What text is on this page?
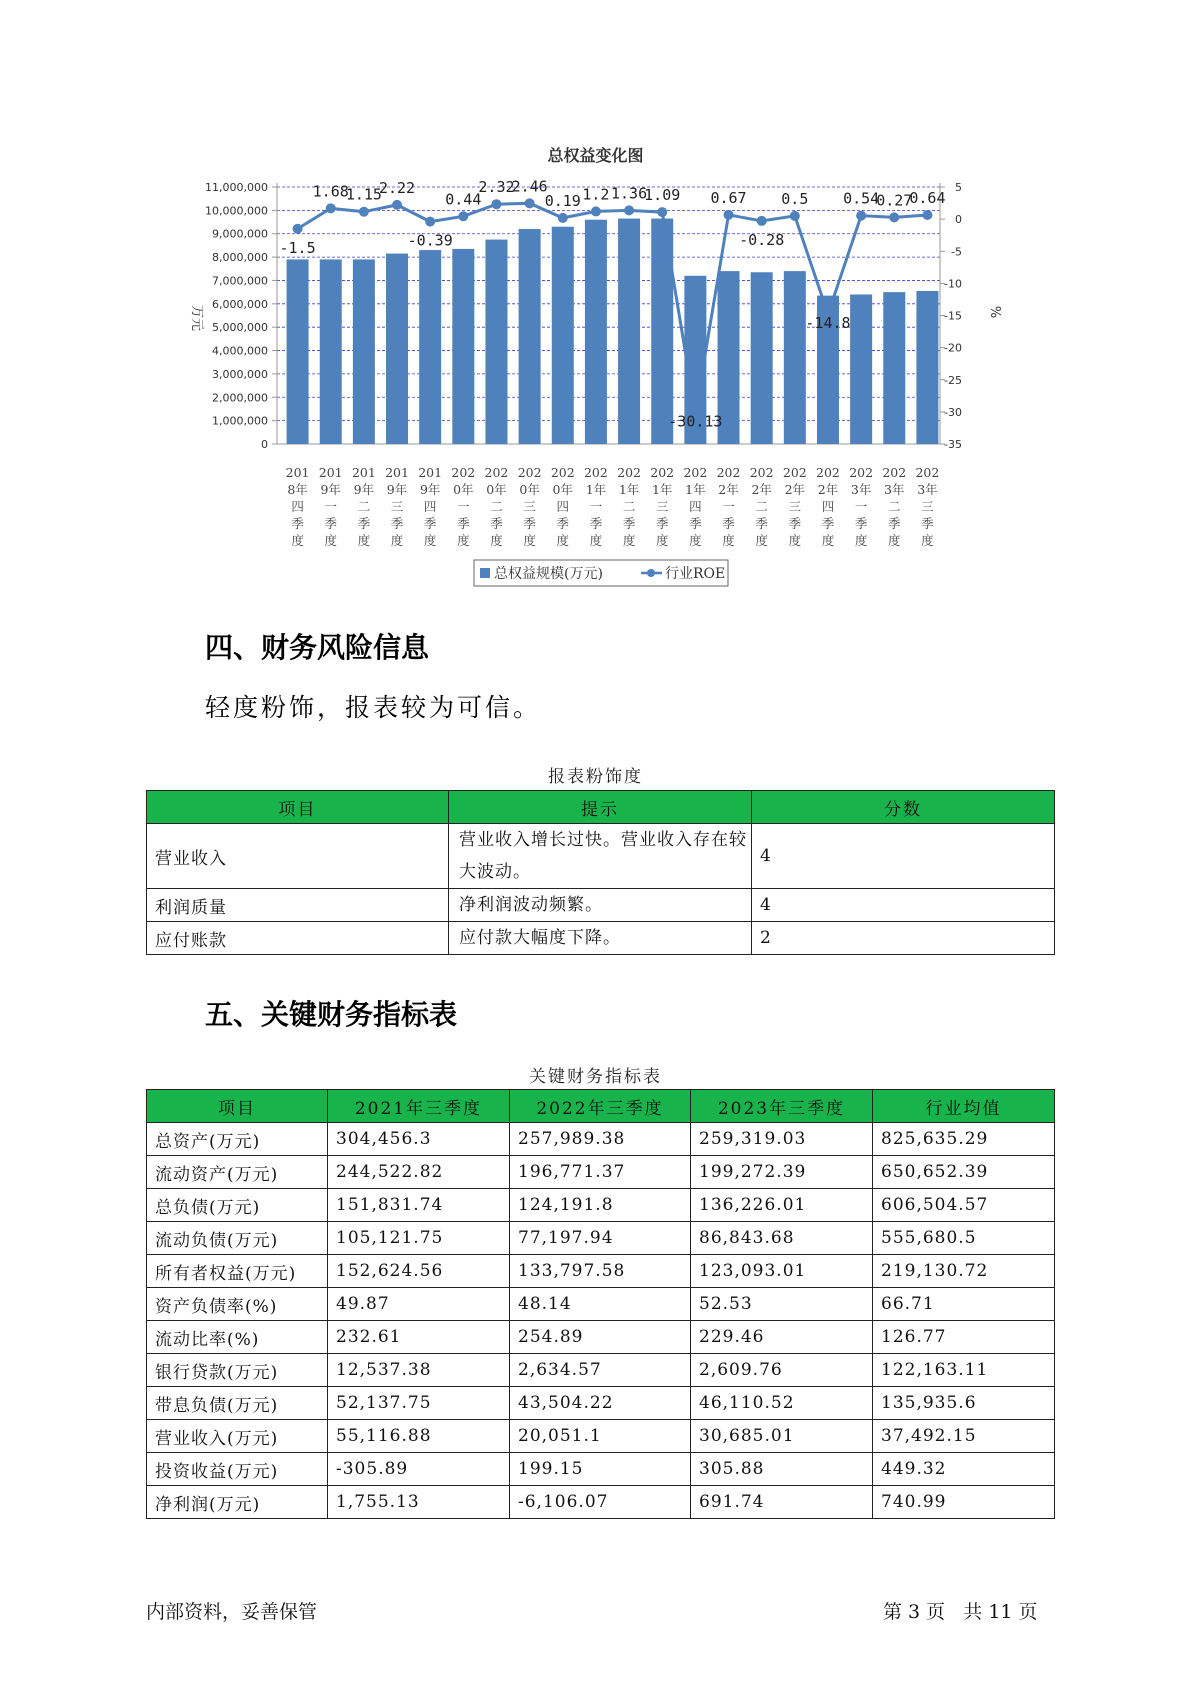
总权益变化图
0
1,000,000
2,000,000
3,000,000
4,000,000
5,000,000
6,000,000
7,000,000
8,000,000
9,000,000
10,000,000
11,000,000	5
0
-5
-10
-15
-20
-25
-30
-35
万元	%
-1.5
1.68
1.15
2.22
-0.39
0.44
2.32
2.46
0.19 1.2 1.36
1.09
-30.13
0.67
-0.28
0.5
-14.8
0.54
0.27
0.64
201
8年
四
季
度
201
9年
一
季
度
201
9年
二
季
度
201
9年
三
季
度
201
9年
四
季
度
202
0年
一
季
度
202
0年
二
季
度
202
0年
三
季
度
202
0年
四
季
度
202
1年
一
季
度
202
1年
二
季
度
202
1年
三
季
度
202
1年
四
季
度
202
2年
一
季
度
202
2年
二
季
度
202
2年
三
季
度
202
2年
四
季
度
202
3年
一
季
度
202
3年
二
季
度
202
3年
三
季
度
总权益规模(万元)	行业ROE
四、财务风险信息
轻度粉饰，报表较为可信。
报表粉饰度
项目	提示	分数
营业收入	营业收入增长过快。营业收入存在较大波动。	4
利润质量	净利润波动频繁。	4
应付账款	应付款大幅度下降。	2
五、关键财务指标表
关键财务指标表
项目	2021年三季度	2022年三季度	2023年三季度	行业均值
总资产(万元)	304,456.3	257,989.38	259,319.03	825,635.29
流动资产(万元)	244,522.82	196,771.37	199,272.39	650,652.39
总负债(万元)	151,831.74	124,191.8	136,226.01	606,504.57
流动负债(万元)	105,121.75	77,197.94	86,843.68	555,680.5
所有者权益(万元)	152,624.56	133,797.58	123,093.01	219,130.72
资产负债率(%)	49.87	48.14	52.53	66.71
流动比率(%)	232.61	254.89	229.46	126.77
银行贷款(万元)	12,537.38	2,634.57	2,609.76	122,163.11
带息负债(万元)	52,137.75	43,504.22	46,110.52	135,935.6
营业收入(万元)	55,116.88	20,051.1	30,685.01	37,492.15
投资收益(万元)	-305.89	199.15	305.88	449.32
净利润(万元)	1,755.13	-6,106.07	691.74	740.99
内部资料，妥善保管	第 3 页   共 11 页
